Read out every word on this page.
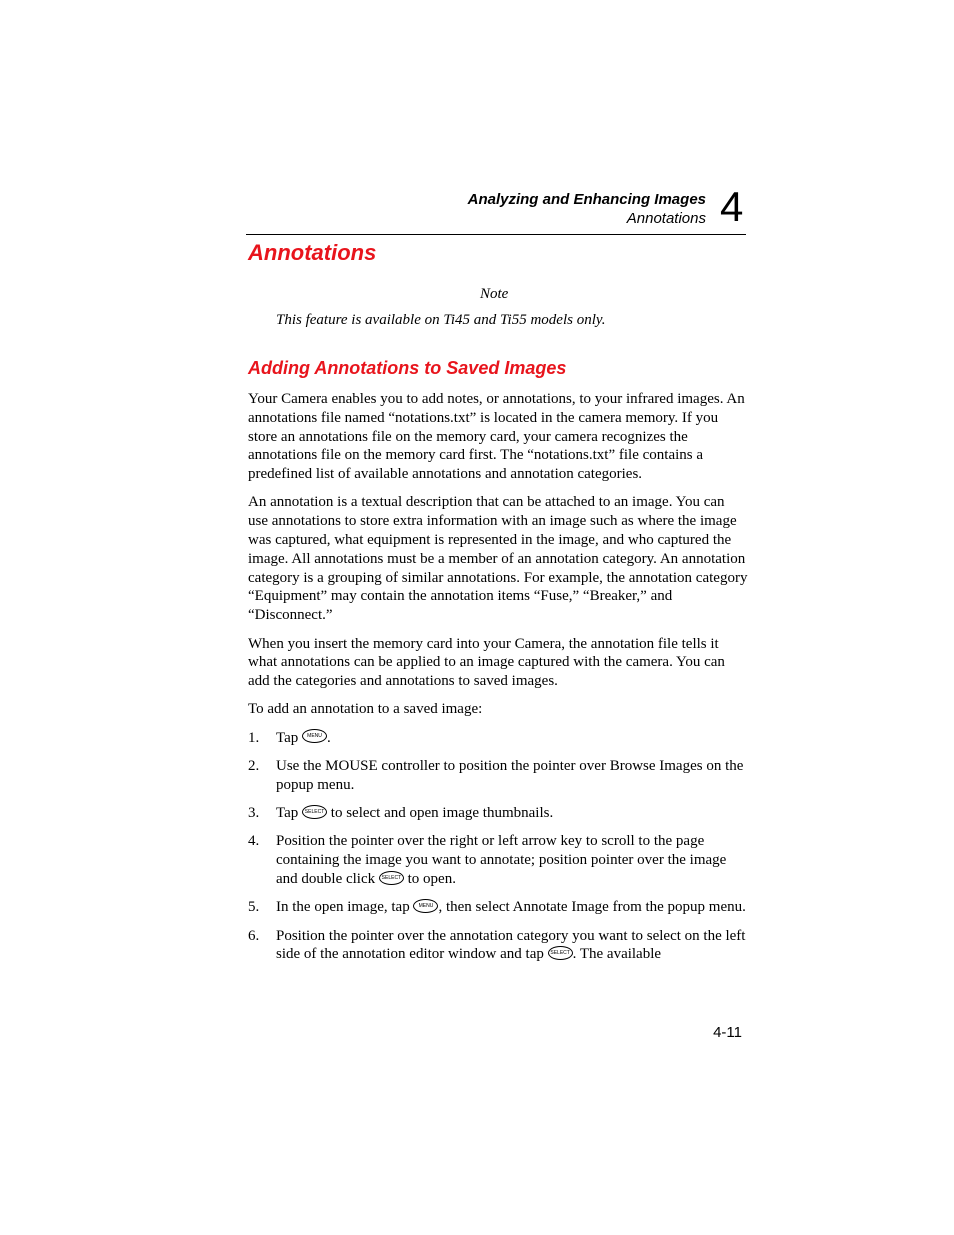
Analyzing and Enhancing Images
Annotations 4
Annotations
Note
This feature is available on Ti45 and Ti55 models only.
Adding Annotations to Saved Images

Your Camera enables you to add notes, or annotations, to your infrared images. An annotations file named “notations.txt” is located in the camera memory. If you store an annotations file on the memory card, your camera recognizes the annotations file on the memory card first. The “notations.txt” file contains a predefined list of available annotations and annotation categories.

An annotation is a textual description that can be attached to an image. You can use annotations to store extra information with an image such as where the image was captured, what equipment is represented in the image, and who captured the image. All annotations must be a member of an annotation category. An annotation category is a grouping of similar annotations. For example, the annotation category “Equipment” may contain the annotation items “Fuse,” “Breaker,” and “Disconnect.”

When you insert the memory card into your Camera, the annotation file tells it what annotations can be applied to an image captured with the camera. You can add the categories and annotations to saved images.

To add an annotation to a saved image:

1. Tap MENU .
2. Use the MOUSE controller to position the pointer over Browse Images on the popup menu.
3. Tap SELECT to select and open image thumbnails.
4. Position the pointer over the right or left arrow key to scroll to the page containing the image you want to annotate; position pointer over the image and double click SELECT to open.
5. In the open image, tap MENU , then select Annotate Image from the popup menu.
6. Position the pointer over the annotation category you want to select on the left side of the annotation editor window and tap SELECT . The available
4-11
